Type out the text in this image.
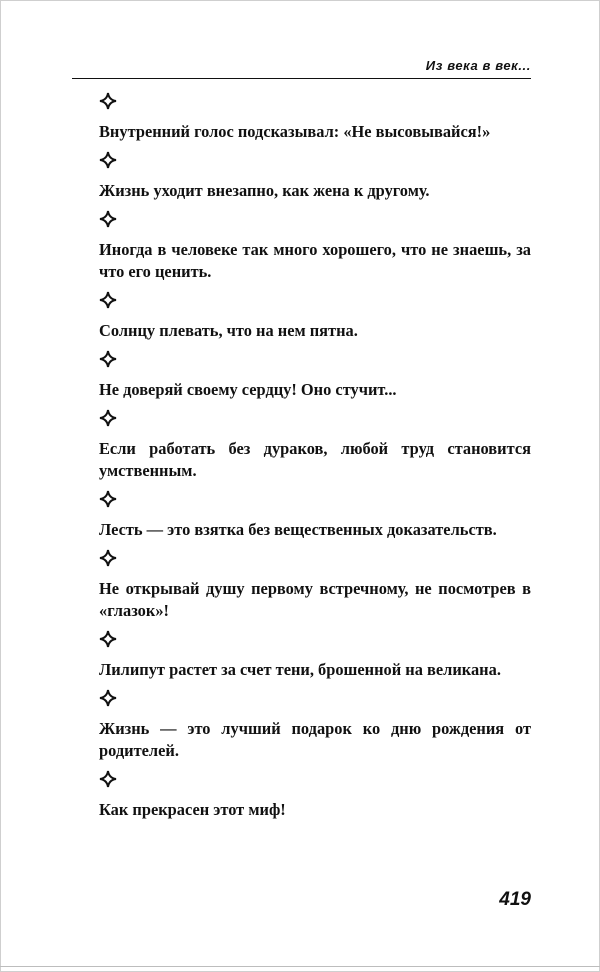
Из века в век...

Внутренний голос подсказывал: «Не высовывайся!»

Жизнь уходит внезапно, как жена к другому.

Иногда в человеке так много хорошего, что не знаешь, за что его ценить.

Солнцу плевать, что на нем пятна.

Не доверяй своему сердцу! Оно стучит...

Если работать без дураков, любой труд становится умственным.

Лесть — это взятка без вещественных доказательств.

Не открывай душу первому встречному, не посмотрев в «глазок»!

Лилипут растет за счет тени, брошенной на великана.

Жизнь — это лучший подарок ко дню рождения от родителей.

Как прекрасен этот миф!

419
